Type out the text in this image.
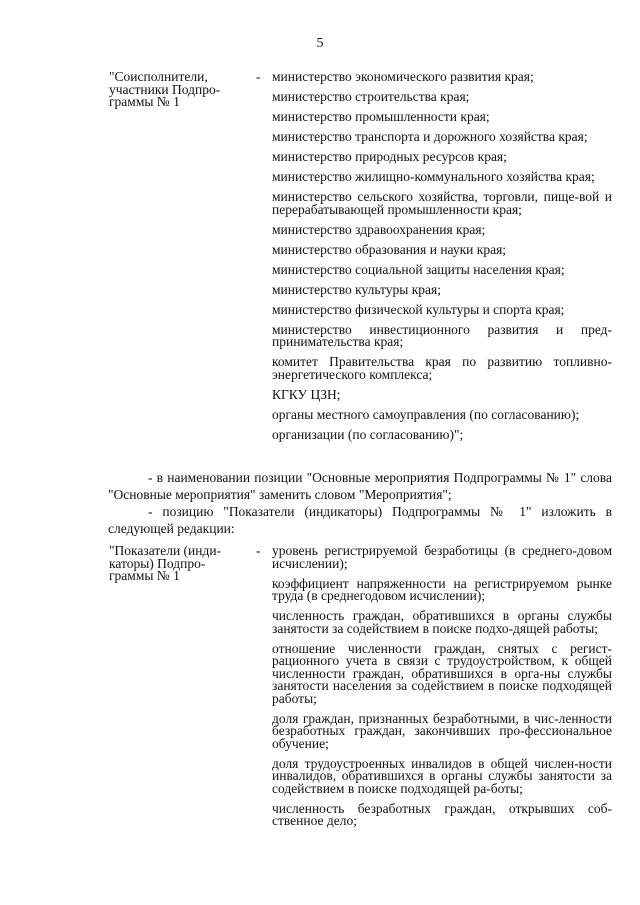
5
"Соисполнители, участники Подпро-граммы № 1
- министерство экономического развития края;
министерство строительства края;
министерство промышленности края;
министерство транспорта и дорожного хозяйства края;
министерство природных ресурсов края;
министерство жилищно-коммунального хозяйства края;
министерство сельского хозяйства, торговли, пище-вой и перерабатывающей промышленности края;
министерство здравоохранения края;
министерство образования и науки края;
министерство социальной защиты населения края;
министерство культуры края;
министерство физической культуры и спорта края;
министерство инвестиционного развития и пред-принимательства края;
комитет Правительства края по развитию топливно-энергетического комплекса;
КГКУ ЦЗН;
органы местного самоуправления (по согласованию);
организации (по согласованию)";
- в наименовании позиции "Основные мероприятия Подпрограммы № 1" слова "Основные мероприятия" заменить словом "Мероприятия";
- позицию "Показатели (индикаторы) Подпрограммы № 1" изложить в следующей редакции:
"Показатели (инди-каторы) Подпро-граммы № 1
- уровень регистрируемой безработицы (в среднего-довом исчислении);
коэффициент напряженности на регистрируемом рынке труда (в среднегодовом исчислении);
численность граждан, обратившихся в органы службы занятости за содействием в поиске подхо-дящей работы;
отношение численности граждан, снятых с регист-рационного учета в связи с трудоустройством, к общей численности граждан, обратившихся в орга-ны службы занятости населения за содействием в поиске подходящей работы;
доля граждан, признанных безработными, в чис-ленности безработных граждан, закончивших про-фессиональное обучение;
доля трудоустроенных инвалидов в общей числен-ности инвалидов, обратившихся в органы службы занятости за содействием в поиске подходящей ра-боты;
численность безработных граждан, открывших соб-ственное дело;
